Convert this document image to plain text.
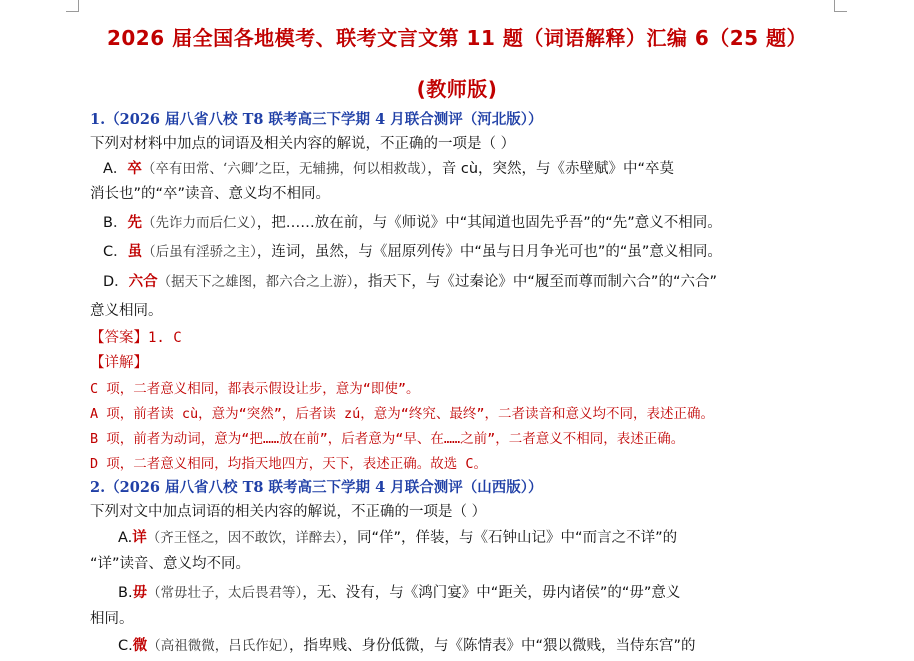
2026 届全国各地模考、联考文言文第 11 题（词语解释）汇编 6（25 题）
(教师版)
1.（2026 届八省八校 T8 联考高三下学期 4 月联合测评（河北版））
下列对材料中加点的词语及相关内容的解说，不正确的一项是（ ）
A．卒（卒有田常、‘六卿’之臣，无辅拂，何以相救哉），音 cù，突然，与《赤壁赋》中“卒莫
消长也”的“卒”读音、意义均不相同。
B．先（先诈力而后仁义），把……放在前，与《师说》中“其闻道也固先乎吾”的“先”意义不相同。
C．虽（后虽有淫骄之主），连词，虽然，与《屈原列传》中“虽与日月争光可也”的“虽”意义相同。
D．六合（据天下之雄图，都六合之上游），指天下，与《过秦论》中“履至而尊而制六合”的“六合”
意义相同。
【答案】1. C
【详解】
C 项，二者意义相同，都表示假设让步，意为“即使”。
A 项，前者读 cù，意为“突然”，后者读 zú，意为“终究、最终”，二者读音和意义均不同，表述正确。
B 项，前者为动词，意为“把……放在前”，后者意为“早、在……之前”，二者意义不相同，表述正确。
D 项，二者意义相同，均指天地四方，天下，表述正确。故选 C。
2.（2026 届八省八校 T8 联考高三下学期 4 月联合测评（山西版））
下列对文中加点词语的相关内容的解说，不正确的一项是（ ）
A.详（齐王怪之，因不敢饮，详醉去），同“佯”，佯装，与《石钟山记》中“而言之不详”的
“详”读音、意义均不同。
B.毋（常毋壮子，太后畏君等），无、没有，与《鸿门宴》中“距关，毋内诸侯”的“毋”意义
相同。
C.微（高祖微微，吕氏作妃），指卑贱、身份低微，与《陈情表》中“猥以微贱，当侍东宫”的
